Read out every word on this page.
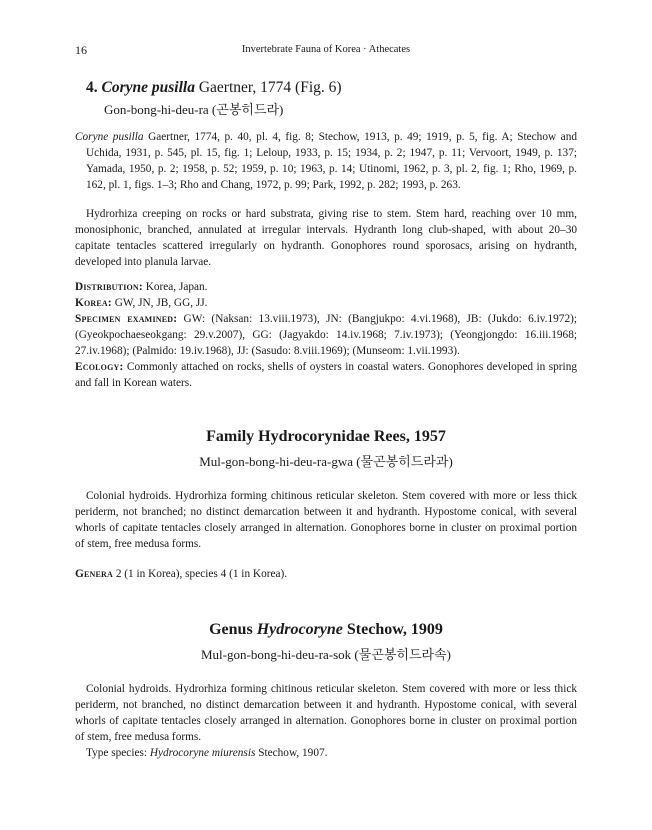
16	Invertebrate Fauna of Korea · Athecates
4. Coryne pusilla Gaertner, 1774 (Fig. 6)
Gon-bong-hi-deu-ra (곤봉히드라)

Coryne pusilla Gaertner, 1774, p. 40, pl. 4, fig. 8; Stechow, 1913, p. 49; 1919, p. 5, fig. A; Stechow and Uchida, 1931, p. 545, pl. 15, fig. 1; Leloup, 1933, p. 15; 1934, p. 2; 1947, p. 11; Vervoort, 1949, p. 137; Yamada, 1950, p. 2; 1958, p. 52; 1959, p. 10; 1963, p. 14; Utinomi, 1962, p. 3, pl. 2, fig. 1; Rho, 1969, p. 162, pl. 1, figs. 1–3; Rho and Chang, 1972, p. 99; Park, 1992, p. 282; 1993, p. 263.

Hydrorhiza creeping on rocks or hard substrata, giving rise to stem. Stem hard, reaching over 10 mm, monosiphonic, branched, annulated at irregular intervals. Hydranth long club-shaped, with about 20–30 capitate tentacles scattered irregularly on hydranth. Gonophores round sporosacs, arising on hydranth, developed into planula larvae.

Distribution: Korea, Japan.

Korea: GW, JN, JB, GG, JJ.

Specimen examined: GW: (Naksan: 13.viii.1973), JN: (Bangjukpo: 4.vi.1968), JB: (Jukdo: 6.iv.1972); (Gyeokpochaeseokgang: 29.v.2007), GG: (Jagyakdo: 14.iv.1968; 7.iv.1973); (Yeongjongdo: 16.iii.1968; 27.iv.1968); (Palmido: 19.iv.1968), JJ: (Sasudo: 8.viii.1969); (Munseom: 1.vii.1993).

Ecology: Commonly attached on rocks, shells of oysters in coastal waters. Gonophores developed in spring and fall in Korean waters.

Family Hydrocorynidae Rees, 1957
Mul-gon-bong-hi-deu-ra-gwa (물곤봉히드라과)

Colonial hydroids. Hydrorhiza forming chitinous reticular skeleton. Stem covered with more or less thick periderm, not branched; no distinct demarcation between it and hydranth. Hypostome conical, with several whorls of capitate tentacles closely arranged in alternation. Gonophores borne in cluster on proximal portion of stem, free medusa forms.

Genera 2 (1 in Korea), species 4 (1 in Korea).

Genus Hydrocoryne Stechow, 1909
Mul-gon-bong-hi-deu-ra-sok (물곤봉히드라속)

Colonial hydroids. Hydrorhiza forming chitinous reticular skeleton. Stem covered with more or less thick periderm, not branched, no distinct demarcation between it and hydranth. Hypostome conical, with several whorls of capitate tentacles closely arranged in alternation. Gonophores borne in cluster on proximal portion of stem, free medusa forms.

Type species: Hydrocoryne miurensis Stechow, 1907.
